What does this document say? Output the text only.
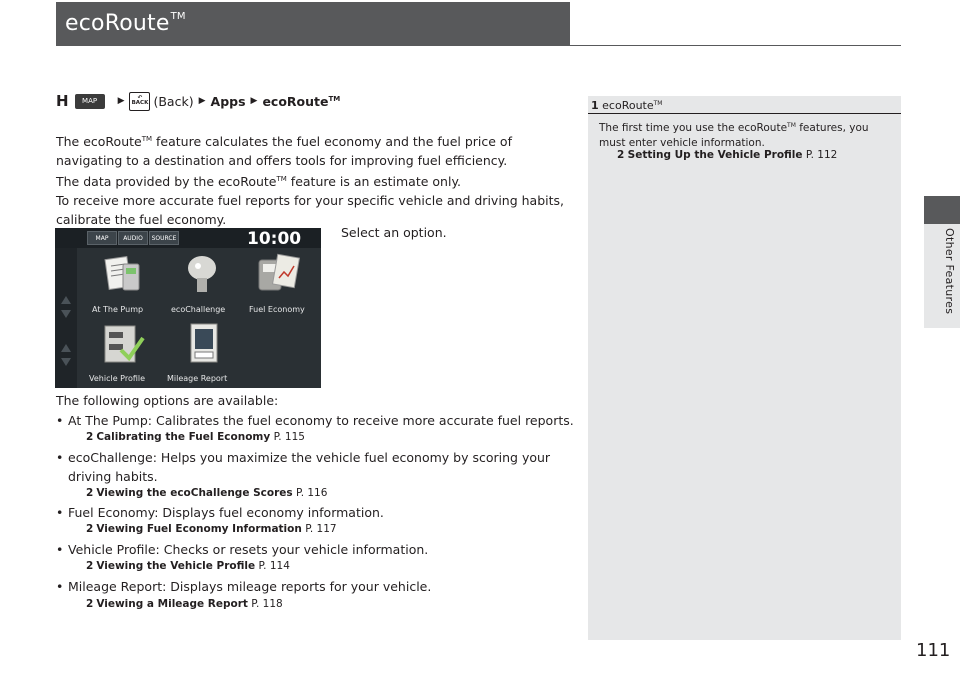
ecoRoute™
Other Features
H	MAP	▶	↶
BACK (Back) ▶ Apps ▶ ecoRoute™
The ecoRoute™ feature calculates the fuel economy and the fuel price of navigating to a destination and offers tools for improving fuel efficiency.
The data provided by the ecoRoute™ feature is an estimate only.
To receive more accurate fuel reports for your specific vehicle and driving habits, calibrate the fuel economy.
Select an option.
MAP	AUDIO	SOURCE	10:00
At The Pump	ecoChallenge	Fuel Economy
Vehicle Profile	Mileage Report
The following options are available:
• At The Pump: Calibrates the fuel economy to receive more accurate fuel reports.
2 Calibrating the Fuel Economy P. 115
• ecoChallenge: Helps you maximize the vehicle fuel economy by scoring your
driving habits.
2 Viewing the ecoChallenge Scores P. 116
• Fuel Economy: Displays fuel economy information.
2 Viewing Fuel Economy Information P. 117
• Vehicle Profile: Checks or resets your vehicle information.
2 Viewing the Vehicle Profile P. 114
• Mileage Report: Displays mileage reports for your vehicle.
2 Viewing a Mileage Report P. 118
1 ecoRoute™
The first time you use the ecoRoute™ features, you must enter vehicle information.
2 Setting Up the Vehicle Profile P. 112
111
